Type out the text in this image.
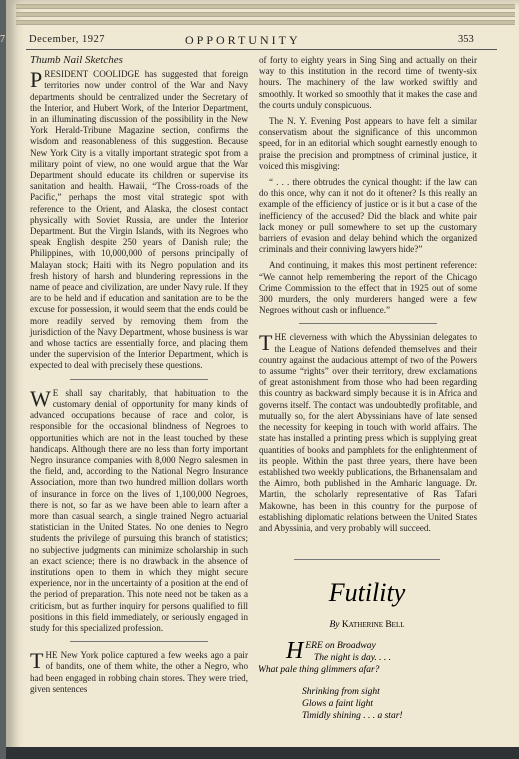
7 December, 1927	OPPORTUNITY	353
Thumb Nail Sketches

P RESIDENT COOLIDGE has suggested that foreign territories now under control of the War and Navy departments should be centralized under the Secretary of the Interior, and Hubert Work, of the Interior Department, in an illuminating discussion of the possibility in the New York Herald-Tribune Magazine section, confirms the wisdom and reasonableness of this suggestion. Because New York City is a vitally important strategic spot from a military point of view, no one would argue that the War Department should educate its children or supervise its sanitation and health. Hawaii, “The Cross-roads of the Pacific,” perhaps the most vital strategic spot with reference to the Orient, and Alaska, the closest contact physically with Soviet Russia, are under the Interior Department. But the Virgin Islands, with its Negroes who speak English despite 250 years of Danish rule; the Philippines, with 10,000,000 of persons principally of Malayan stock; Haiti with its Negro population and its fresh history of harsh and blundering repressions in the name of peace and civilization, are under Navy rule. If they are to be held and if education and sanitation are to be the excuse for possession, it would seem that the ends could be more readily served by removing them from the jurisdiction of the Navy Department, whose business is war and whose tactics are essentially force, and placing them under the supervision of the Interior Department, which is expected to deal with precisely these questions.

W E shall say charitably, that habituation to the customary denial of opportunity for many kinds of advanced occupations because of race and color, is responsible for the occasional blindness of Negroes to opportunities which are not in the least touched by these handicaps. Although there are no less than forty important Negro insurance companies with 8,000 Negro salesmen in the field, and, according to the National Negro Insurance Association, more than two hundred million dollars worth of insurance in force on the lives of 1,100,000 Negroes, there is not, so far as we have been able to learn after a more than casual search, a single trained Negro actuarial statistician in the United States. No one denies to Negro students the privilege of pursuing this branch of statistics; no subjective judgments can minimize scholarship in such an exact science; there is no drawback in the absence of institutions open to them in which they might secure experience, nor in the uncertainty of a position at the end of the period of preparation. This note need not be taken as a criticism, but as further inquiry for persons qualified to fill positions in this field immediately, or seriously engaged in study for this specialized profession.

T HE New York police captured a few weeks ago a pair of bandits, one of them white, the other a Negro, who had been engaged in robbing chain stores. They were tried, given sentences

of forty to eighty years in Sing Sing and actually on their way to this institution in the record time of twenty-six hours. The machinery of the law worked swiftly and smoothly. It worked so smoothly that it makes the case and the courts unduly conspicuous.

The N. Y. Evening Post appears to have felt a similar conservatism about the significance of this uncommon speed, for in an editorial which sought earnestly enough to praise the precision and promptness of criminal justice, it voiced this misgiving:

“ . . . there obtrudes the cynical thought: if the law can do this once, why can it not do it oftener? Is this really an example of the efficiency of justice or is it but a case of the inefficiency of the accused? Did the black and white pair lack money or pull somewhere to set up the customary barriers of evasion and delay behind which the organized criminals and their conniving lawyers hide?”

And continuing, it makes this most pertinent reference: “We cannot help remembering the report of the Chicago Crime Commission to the effect that in 1925 out of some 300 murders, the only murderers hanged were a few Negroes without cash or influence.”

T HE cleverness with which the Abyssinian delegates to the League of Nations defended themselves and their country against the audacious attempt of two of the Powers to assume “rights” over their territory, drew exclamations of great astonishment from those who had been regarding this country as backward simply because it is in Africa and governs itself. The contact was undoubtedly profitable, and mutually so, for the alert Abyssinians have of late sensed the necessity for keeping in touch with world affairs. The state has installed a printing press which is supplying great quantities of books and pamphlets for the enlightenment of its people. Within the past three years, there have been established two weekly publications, the Brhanensalam and the Aimro, both published in the Amharic language. Dr. Martin, the scholarly representative of Ras Tafari Makowne, has been in this country for the purpose of establishing diplomatic relations between the United States and Abyssinia, and very probably will succeed.

Futility
By Katherine Bell
H ERE on Broadway
The night is day. . . .
What pale thing glimmers afar?
Shrinking from sight
Glows a faint light
Timidly shining . . . a star!
